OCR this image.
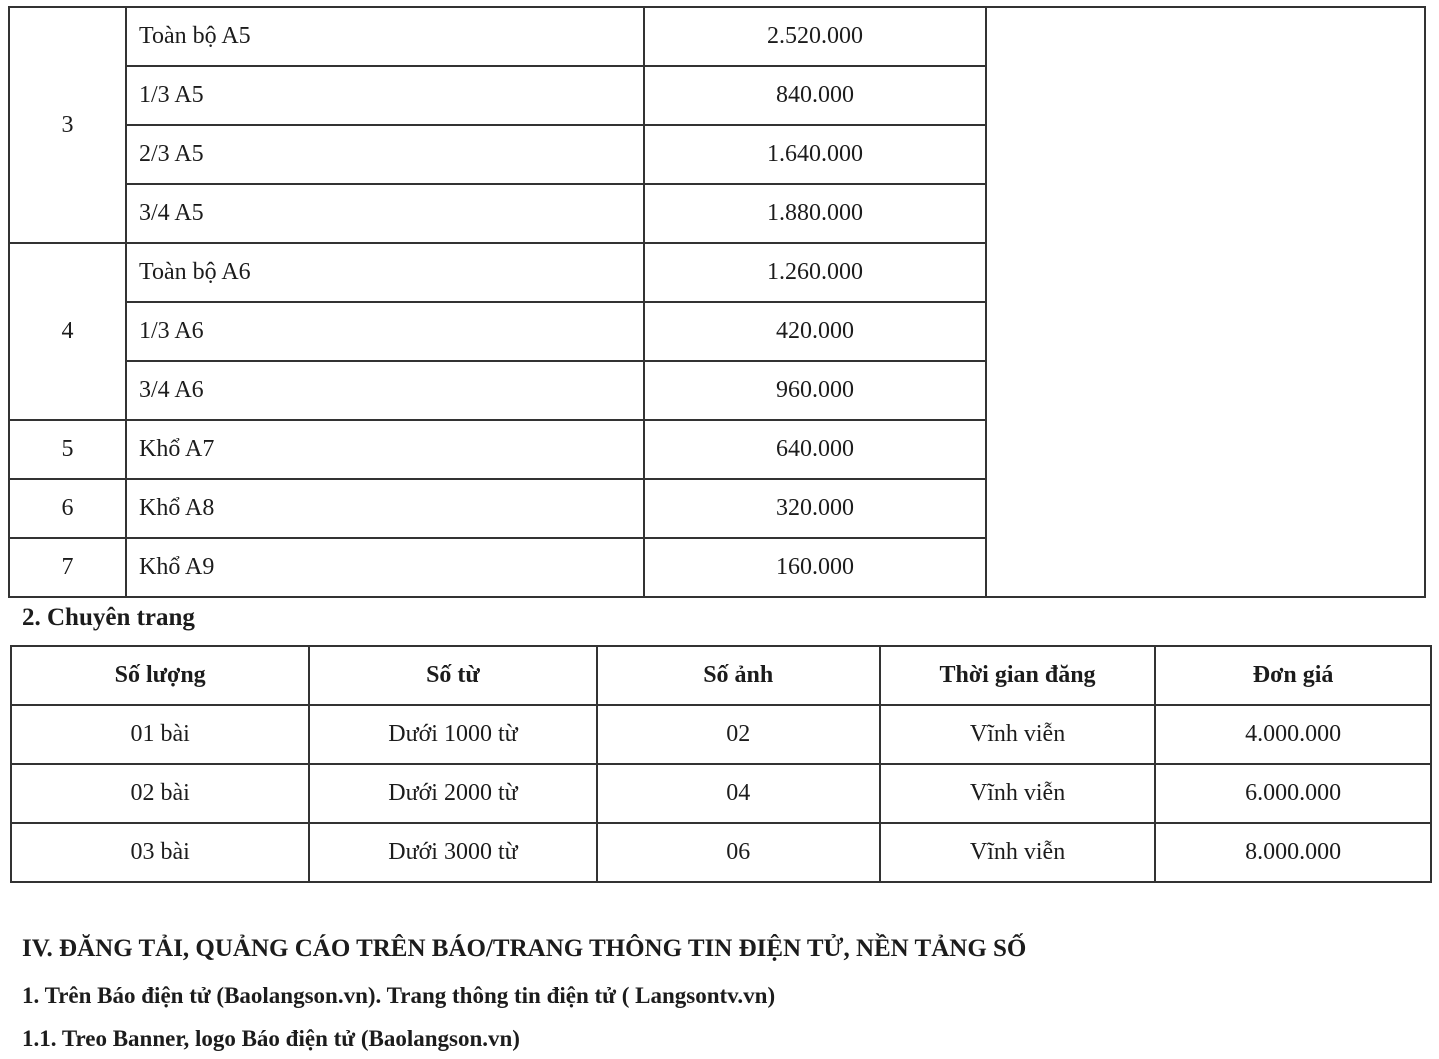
3	Toàn bộ A5	2.520.000	
	1/3 A5	840.000	
	2/3 A5	1.640.000	
	3/4 A5	1.880.000	
4	Toàn bộ A6	1.260.000	
	1/3 A6	420.000	
	3/4 A6	960.000	
5	Khổ A7	640.000	
6	Khổ A8	320.000	
7	Khổ A9	160.000	
2. Chuyên trang
Số lượng	Số từ	Số ảnh	Thời gian đăng	Đơn giá
01 bài	Dưới 1000 từ	02	Vĩnh viễn	4.000.000
02 bài	Dưới 2000 từ	04	Vĩnh viễn	6.000.000
03 bài	Dưới 3000 từ	06	Vĩnh viễn	8.000.000
IV. ĐĂNG TẢI, QUẢNG CÁO TRÊN BÁO/TRANG THÔNG TIN ĐIỆN TỬ, NỀN TẢNG SỐ
1. Trên Báo điện tử (Baolangson.vn). Trang thông tin điện tử ( Langsontv.vn)
1.1. Treo Banner, logo Báo điện tử (Baolangson.vn)
